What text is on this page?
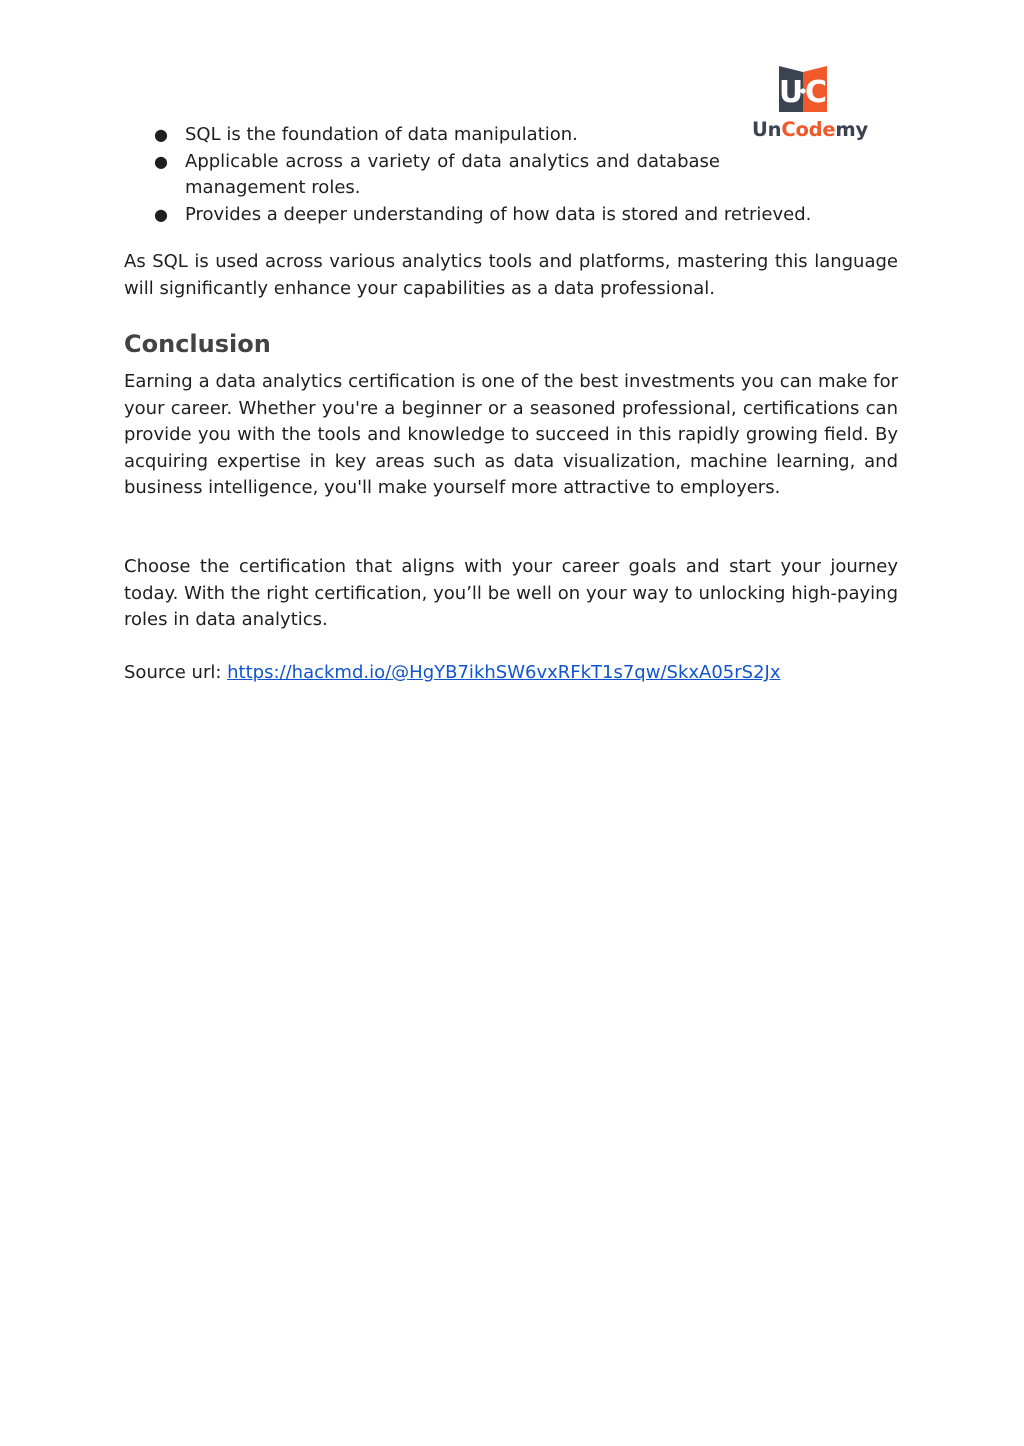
U C
UnCodemy
● SQL is the foundation of data manipulation.
● Applicable across a variety of data analytics and database management roles.
● Provides a deeper understanding of how data is stored and retrieved.

As SQL is used across various analytics tools and platforms, mastering this language will significantly enhance your capabilities as a data professional.

Conclusion

Earning a data analytics certification is one of the best investments you can make for your career. Whether you're a beginner or a seasoned professional, certifications can provide you with the tools and knowledge to succeed in this rapidly growing field. By acquiring expertise in key areas such as data visualization, machine learning, and business intelligence, you'll make yourself more attractive to employers.

Choose the certification that aligns with your career goals and start your journey today. With the right certification, you’ll be well on your way to unlocking high-paying roles in data analytics.

Source url: https://hackmd.io/@HgYB7ikhSW6vxRFkT1s7qw/SkxA05rS2Jx
